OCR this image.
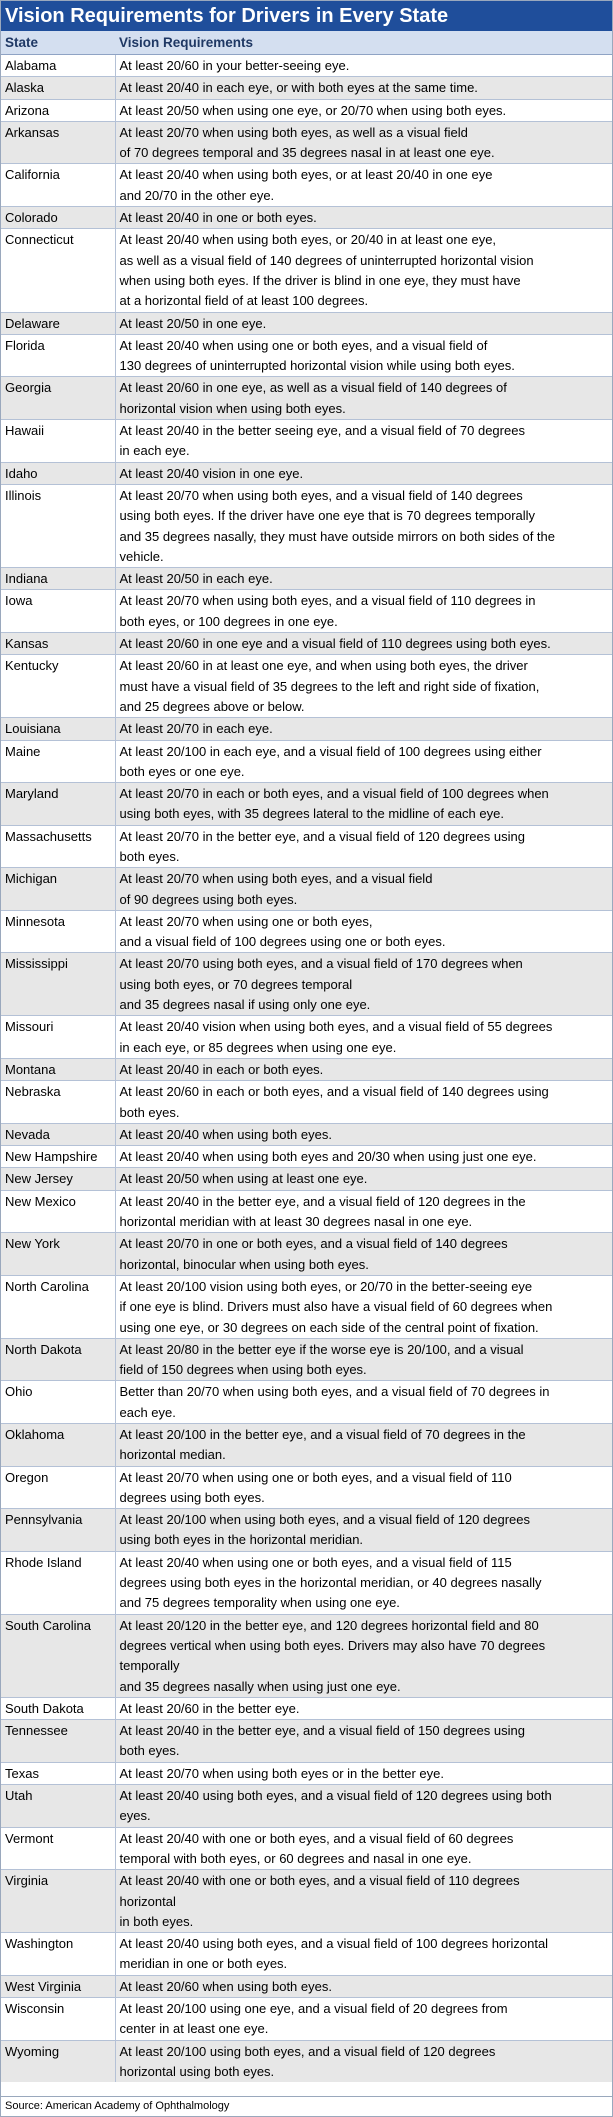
Vision Requirements for Drivers in Every State
State	Vision Requirements
Alabama	At least 20/60 in your better-seeing eye.
Alaska	At least 20/40 in each eye, or with both eyes at the same time.
Arizona	At least 20/50 when using one eye, or 20/70 when using both eyes.
Arkansas	At least 20/70 when using both eyes, as well as a visual field
of 70 degrees temporal and 35 degrees nasal in at least one eye.
California	At least 20/40 when using both eyes, or at least 20/40 in one eye
and 20/70 in the other eye.
Colorado	At least 20/40 in one or both eyes.
Connecticut	At least 20/40 when using both eyes, or 20/40 in at least one eye,
as well as a visual field of 140 degrees of uninterrupted horizontal vision
when using both eyes. If the driver is blind in one eye, they must have
at a horizontal field of at least 100 degrees.
Delaware	At least 20/50 in one eye.
Florida	At least 20/40 when using one or both eyes, and a visual field of
130 degrees of uninterrupted horizontal vision while using both eyes.
Georgia	At least 20/60 in one eye, as well as a visual field of 140 degrees of
horizontal vision when using both eyes.
Hawaii	At least 20/40 in the better seeing eye, and a visual field of 70 degrees
in each eye.
Idaho	At least 20/40 vision in one eye.
Illinois	At least 20/70 when using both eyes, and a visual field of 140 degrees
using both eyes. If the driver have one eye that is 70 degrees temporally
and 35 degrees nasally, they must have outside mirrors on both sides of the
vehicle.
Indiana	At least 20/50 in each eye.
Iowa	At least 20/70 when using both eyes, and a visual field of 110 degrees in
both eyes, or 100 degrees in one eye.
Kansas	At least 20/60 in one eye and a visual field of 110 degrees using both eyes.

Kentucky	At least 20/60 in at least one eye, and when using both eyes, the driver
must have a visual field of 35 degrees to the left and right side of fixation,
and 25 degrees above or below.
Louisiana	At least 20/70 in each eye.
Maine	At least 20/100 in each eye, and a visual field of 100 degrees using either
both eyes or one eye.
Maryland	At least 20/70 in each or both eyes, and a visual field of 100 degrees when
using both eyes, with 35 degrees lateral to the midline of each eye.
Massachusetts	At least 20/70 in the better eye, and a visual field of 120 degrees using
both eyes.
Michigan	At least 20/70 when using both eyes, and a visual field
of 90 degrees using both eyes.
Minnesota	At least 20/70 when using one or both eyes,
and a visual field of 100 degrees using one or both eyes.
Mississippi	At least 20/70 using both eyes, and a visual field of 170 degrees when
using both eyes, or 70 degrees temporal
and 35 degrees nasal if using only one eye.
Missouri	At least 20/40 vision when using both eyes, and a visual field of 55 degrees
in each eye, or 85 degrees when using one eye.
Montana	At least 20/40 in each or both eyes.
Nebraska	At least 20/60 in each or both eyes, and a visual field of 140 degrees using
both eyes.
Nevada	At least 20/40 when using both eyes.
New Hampshire	At least 20/40 when using both eyes and 20/30 when using just one eye.
New Jersey	At least 20/50 when using at least one eye.
New Mexico	At least 20/40 in the better eye, and a visual field of 120 degrees in the
horizontal meridian with at least 30 degrees nasal in one eye.
New York	At least 20/70 in one or both eyes, and a visual field of 140 degrees
horizontal, binocular when using both eyes.
North Carolina	At least 20/100 vision using both eyes, or 20/70 in the better-seeing eye
if one eye is blind. Drivers must also have a visual field of 60 degrees when
using one eye, or 30 degrees on each side of the central point of fixation.
North Dakota	At least 20/80 in the better eye if the worse eye is 20/100, and a visual
field of 150 degrees when using both eyes.
Ohio	Better than 20/70 when using both eyes, and a visual field of 70 degrees in
each eye.
Oklahoma	At least 20/100 in the better eye, and a visual field of 70 degrees in the
horizontal median.
Oregon	At least 20/70 when using one or both eyes, and a visual field of 110
degrees using both eyes.
Pennsylvania	At least 20/100 when using both eyes, and a visual field of 120 degrees
using both eyes in the horizontal meridian.
Rhode Island	At least 20/40 when using one or both eyes, and a visual field of 115
degrees using both eyes in the horizontal meridian, or 40 degrees nasally
and 75 degrees temporality when using one eye.
South Carolina	At least 20/120 in the better eye, and 120 degrees horizontal field and 80
degrees vertical when using both eyes. Drivers may also have 70 degrees
temporally
and 35 degrees nasally when using just one eye.
South Dakota	At least 20/60 in the better eye.
Tennessee	At least 20/40 in the better eye, and a visual field of 150 degrees using
both eyes.
Texas	At least 20/70 when using both eyes or in the better eye.
Utah	At least 20/40 using both eyes, and a visual field of 120 degrees using both
eyes.
Vermont	At least 20/40 with one or both eyes, and a visual field of 60 degrees
temporal with both eyes, or 60 degrees and nasal in one eye.
Virginia	At least 20/40 with one or both eyes, and a visual field of 110 degrees
horizontal
in both eyes.
Washington	At least 20/40 using both eyes, and a visual field of 100 degrees horizontal
meridian in one or both eyes.
West Virginia	At least 20/60 when using both eyes.
Wisconsin	At least 20/100 using one eye, and a visual field of 20 degrees from
center in at least one eye.
Wyoming	At least 20/100 using both eyes, and a visual field of 120 degrees
horizontal using both eyes.
Source: American Academy of Ophthalmology
